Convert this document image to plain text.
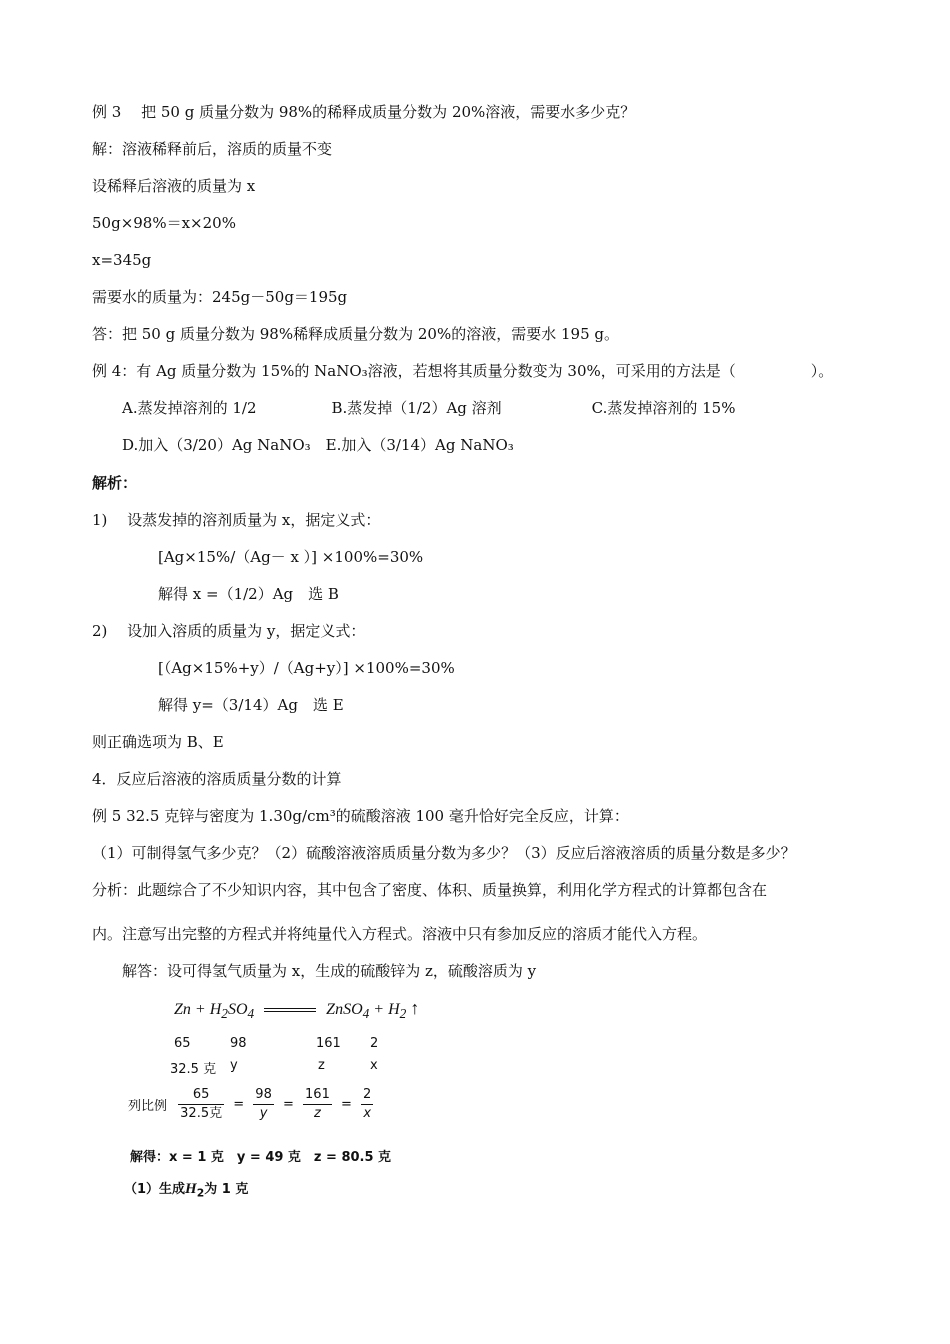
例 3　 把 50 g 质量分数为 98%的稀释成质量分数为 20%溶液，需要水多少克？
解：溶液稀释前后，溶质的质量不变
设稀释后溶液的质量为 x
50g×98%＝x×20%
x=345g
需要水的质量为：245g－50g＝195g
答：把 50 g 质量分数为 98%稀释成质量分数为 20%的溶液，需要水 195 g。
例 4：有 Ag 质量分数为 15%的 NaNO₃溶液，若想将其质量分数变为 30%，可采用的方法是（　　　　　）。
A.蒸发掉溶剂的 1/2　　　　　B.蒸发掉（1/2）Ag 溶剂　　　　　　C.蒸发掉溶剂的 15%
D.加入（3/20）Ag NaNO₃　E.加入（3/14）Ag NaNO₃
解析：
1)　 设蒸发掉的溶剂质量为 x，据定义式：
[Ag×15%/（Ag－ x ）] ×100%=30%
解得 x =（1/2）Ag　选 B
2)　 设加入溶质的质量为 y，据定义式：
[（Ag×15%+y）/（Ag+y）] ×100%=30%
解得 y=（3/14）Ag　选 E
则正确选项为 B、E
4．反应后溶液的溶质质量分数的计算
例 5 32.5 克锌与密度为 1.30g/cm³的硫酸溶液 100 毫升恰好完全反应，计算：
（1）可制得氢气多少克？（2）硫酸溶液溶质质量分数为多少？（3）反应后溶液溶质的质量分数是多少？
分析：此题综合了不少知识内容，其中包含了密度、体积、质量换算，利用化学方程式的计算都包含在
内。注意写出完整的方程式并将纯量代入方程式。溶液中只有参加反应的溶质才能代入方程。
解答：设可得氢气质量为 x，生成的硫酸锌为 z，硫酸溶质为 y
$Zn + H_2SO_4$	ZnSO$_4$ + $H_2$ ↑
65	98	161 2
32.5 克 y	z	x
列比例 $\frac{65}{\text{32.5克}} = \frac{98}{y} = \frac{161}{z} = \frac{2}{x}$
解得：x = 1 克　y = 49 克　z = 80.5 克
（1）生成$H_2$为 1 克
